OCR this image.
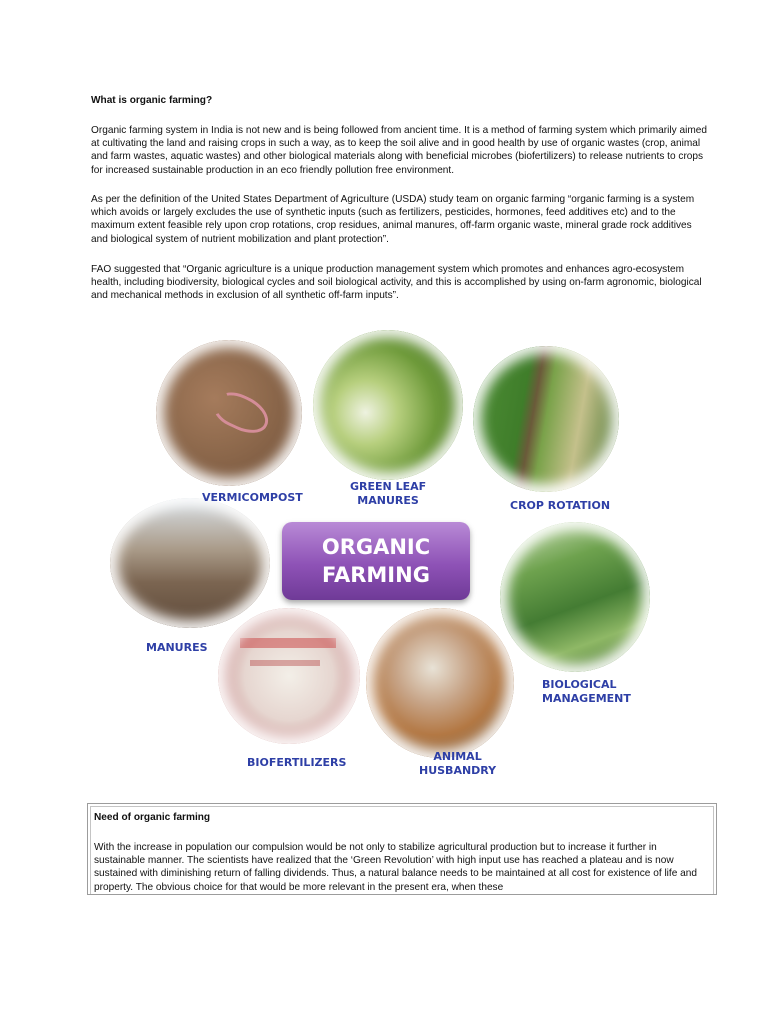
What is organic farming?
Organic farming system in India is not new and is being followed from ancient time. It is a method of farming system which primarily aimed at cultivating the land and raising crops in such a way, as to keep the soil alive and in good health by use of organic wastes (crop, animal and farm wastes, aquatic wastes) and other biological materials along with beneficial microbes (biofertilizers) to release nutrients to crops for increased sustainable production in an eco friendly pollution free environment.
As per the definition of the United States Department of Agriculture (USDA) study team on organic farming “organic farming is a system which avoids or largely excludes the use of synthetic inputs (such as fertilizers, pesticides, hormones, feed additives etc) and to the maximum extent feasible rely upon crop rotations, crop residues, animal manures, off-farm organic waste, mineral grade rock additives and biological system of nutrient mobilization and plant protection”.
FAO suggested that “Organic agriculture is a unique production management system which promotes and enhances agro-ecosystem health, including biodiversity, biological cycles and soil biological activity, and this is accomplished by using on-farm agronomic, biological and mechanical methods in exclusion of all synthetic off-farm inputs”.
ORGANIC
FARMING
VERMICOMPOST
GREEN LEAF
MANURES	CROP ROTATION
MANURES
BIOLOGICAL
MANAGEMENT
BIOFERTILIZERS	ANIMAL
HUSBANDRY
Need of organic farming
With the increase in population our compulsion would be not only to stabilize agricultural production but to increase it further in sustainable manner. The scientists have realized that the ‘Green Revolution’ with high input use has reached a plateau and is now sustained with diminishing return of falling dividends. Thus, a natural balance needs to be maintained at all cost for existence of life and property. The obvious choice for that would be more relevant in the present era, when these
